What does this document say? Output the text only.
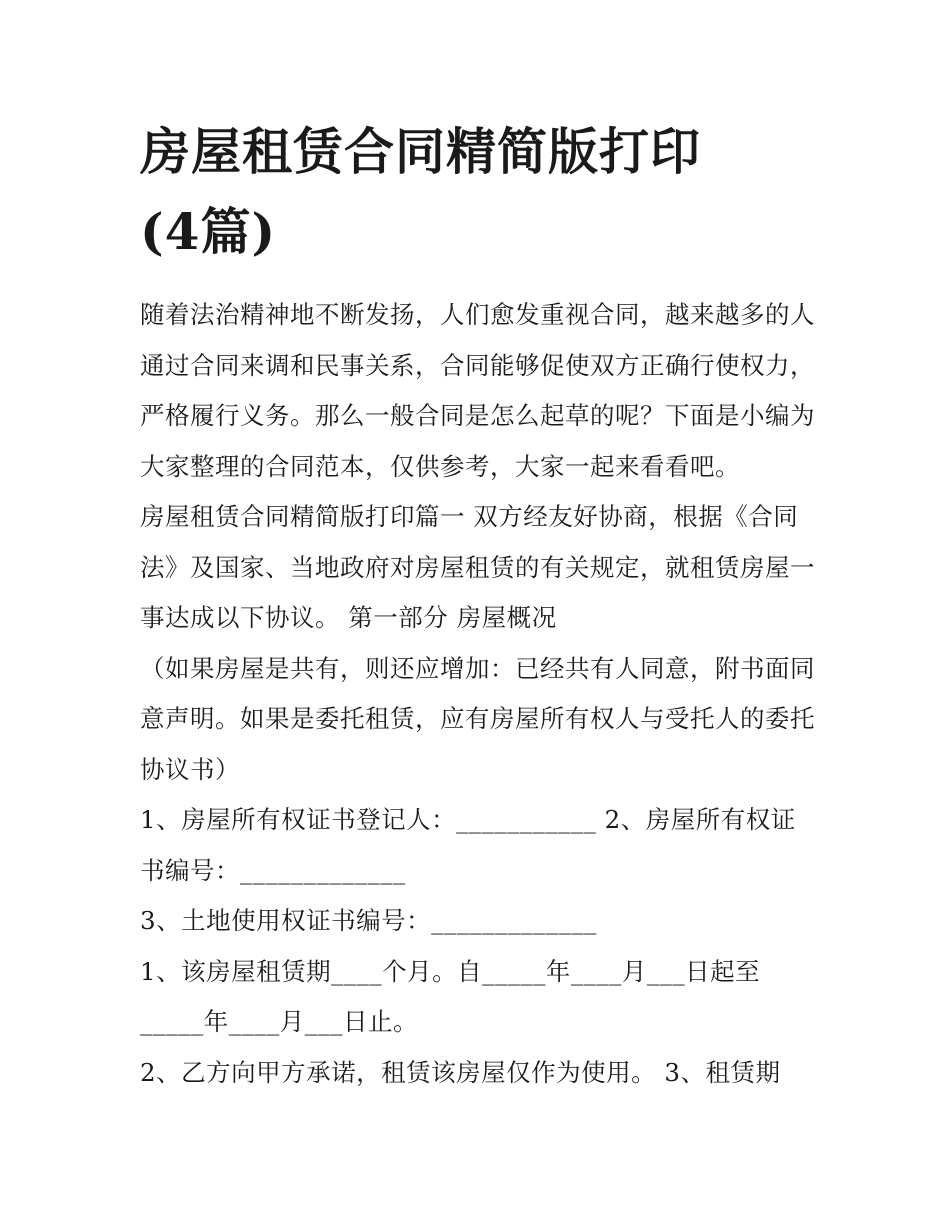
房屋租赁合同精简版打印(4篇)

随着法治精神地不断发扬，人们愈发重视合同，越来越多的人通过合同来调和民事关系，合同能够促使双方正确行使权力，严格履行义务。那么一般合同是怎么起草的呢？下面是小编为大家整理的合同范本，仅供参考，大家一起来看看吧。

房屋租赁合同精简版打印篇一 双方经友好协商，根据《合同法》及国家、当地政府对房屋租赁的有关规定，就租赁房屋一事达成以下协议。 第一部分 房屋概况

（如果房屋是共有，则还应增加：已经共有人同意，附书面同意声明。如果是委托租赁，应有房屋所有权人与受托人的委托协议书）

1、房屋所有权证书登记人：___________ 2、房屋所有权证书编号：_____________

3、土地使用权证书编号：_____________

1、该房屋租赁期____个月。自_____年____月___日起至_____年____月___日止。

2、乙方向甲方承诺，租赁该房屋仅作为使用。 3、租赁期
